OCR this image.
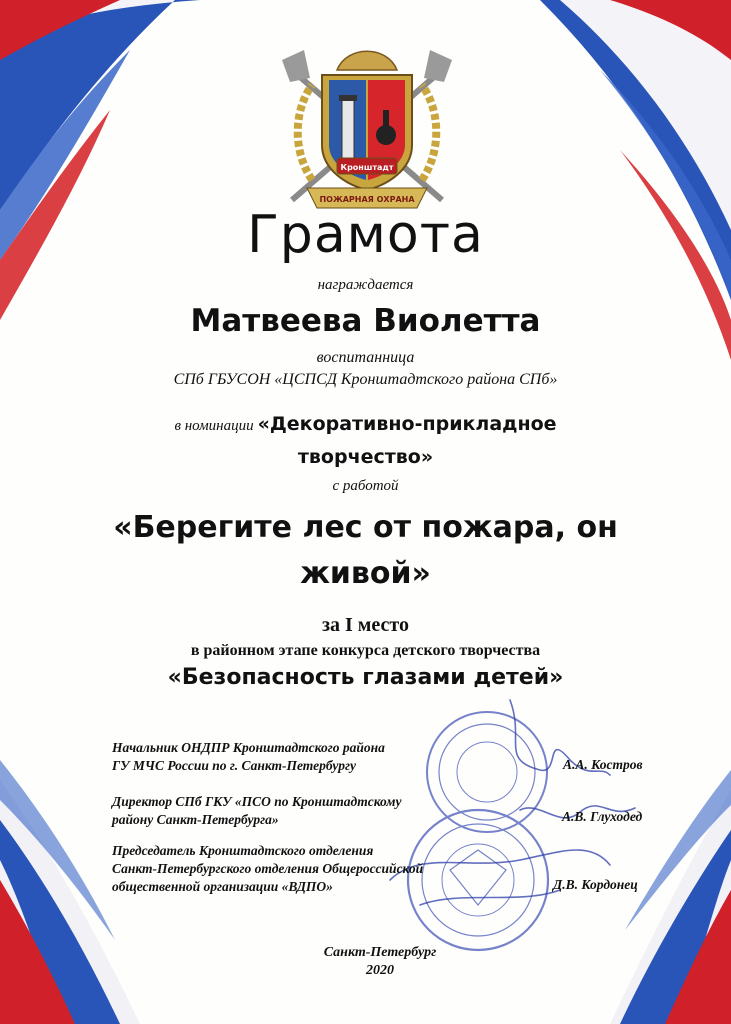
Кронштадт
ПОЖАРНАЯ ОХРАНА
Грамота
награждается
Матвеева Виолетта
воспитанница
СПб ГБУСОН «ЦСПСД Кронштадтского района СПб»
в номинации «Декоративно-прикладное
творчество»
с работой
«Берегите лес от пожара, он
живой»
за I место
в районном этапе конкурса детского творчества
«Безопасность глазами детей»
Начальник ОНДПР Кронштадтского района
ГУ МЧС России по г. Санкт-Петербургу	А.А. Костров
Директор СПб ГКУ «ПСО по Кронштадтскому
району Санкт-Петербурга»	А.В. Глуходед
Председатель Кронштадтского отделения
Санкт-Петербургского отделения Общероссийской
общественной организации «ВДПО»	Д.В. Кордонец
Санкт-Петербург
2020
